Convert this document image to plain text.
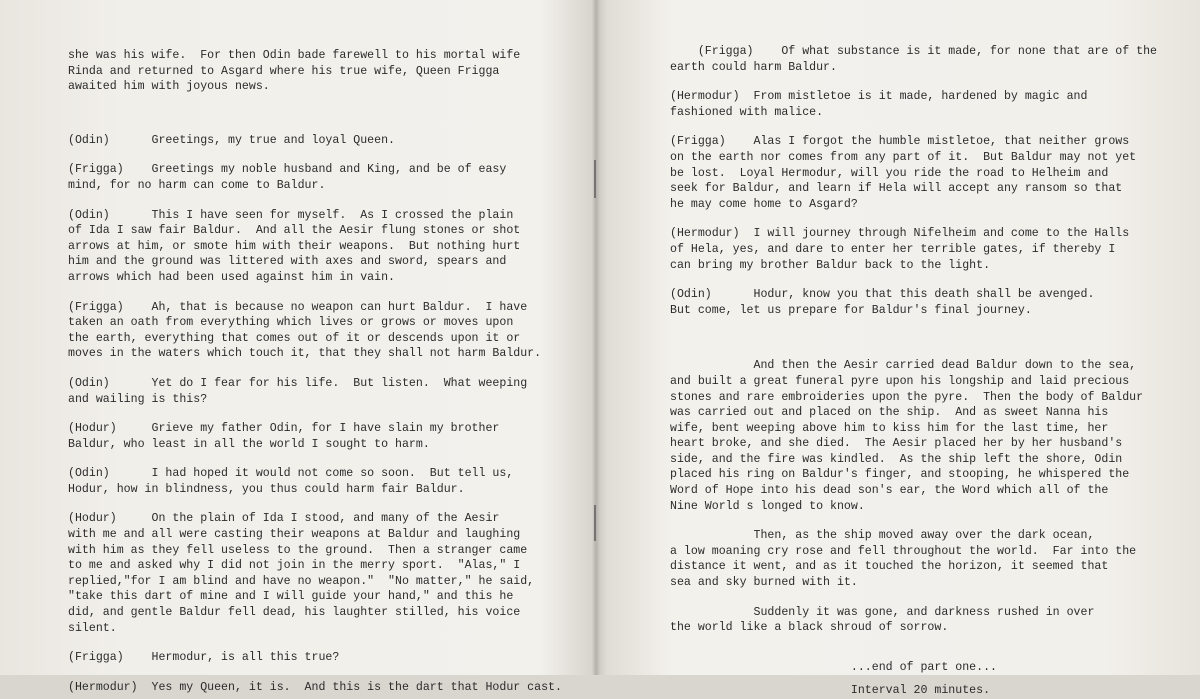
she was his wife.  For then Odin bade farewell to his mortal wife
Rinda and returned to Asgard where his true wife, Queen Frigga
awaited him with joyous news.
(Odin)      Greetings, my true and loyal Queen.
(Frigga)    Greetings my noble husband and King, and be of easy
mind, for no harm can come to Baldur.
(Odin)      This I have seen for myself.  As I crossed the plain
of Ida I saw fair Baldur.  And all the Aesir flung stones or shot
arrows at him, or smote him with their weapons.  But nothing hurt
him and the ground was littered with axes and sword, spears and
arrows which had been used against him in vain.
(Frigga)    Ah, that is because no weapon can hurt Baldur.  I have
taken an oath from everything which lives or grows or moves upon
the earth, everything that comes out of it or descends upon it or
moves in the waters which touch it, that they shall not harm Baldur.
(Odin)      Yet do I fear for his life.  But listen.  What weeping
and wailing is this?
(Hodur)     Grieve my father Odin, for I have slain my brother
Baldur, who least in all the world I sought to harm.
(Odin)      I had hoped it would not come so soon.  But tell us,
Hodur, how in blindness, you thus could harm fair Baldur.
(Hodur)     On the plain of Ida I stood, and many of the Aesir
with me and all were casting their weapons at Baldur and laughing
with him as they fell useless to the ground.  Then a stranger came
to me and asked why I did not join in the merry sport.  "Alas," I
replied,"for I am blind and have no weapon."  "No matter," he said,
"take this dart of mine and I will guide your hand," and this he
did, and gentle Baldur fell dead, his laughter stilled, his voice
silent.
(Frigga)    Hermodur, is all this true?
(Hermodur)  Yes my Queen, it is.  And this is the dart that Hodur cast.
(Frigga)    Of what substance is it made, for none that are of the
earth could harm Baldur.
(Hermodur)  From mistletoe is it made, hardened by magic and
fashioned with malice.
(Frigga)    Alas I forgot the humble mistletoe, that neither grows
on the earth nor comes from any part of it.  But Baldur may not yet
be lost.  Loyal Hermodur, will you ride the road to Helheim and
seek for Baldur, and learn if Hela will accept any ransom so that
he may come home to Asgard?
(Hermodur)  I will journey through Nifelheim and come to the Halls
of Hela, yes, and dare to enter her terrible gates, if thereby I
can bring my brother Baldur back to the light.
(Odin)      Hodur, know you that this death shall be avenged.
But come, let us prepare for Baldur's final journey.
And then the Aesir carried dead Baldur down to the sea,
and built a great funeral pyre upon his longship and laid precious
stones and rare embroideries upon the pyre.  Then the body of Baldur
was carried out and placed on the ship.  And as sweet Nanna his
wife, bent weeping above him to kiss him for the last time, her
heart broke, and she died.  The Aesir placed her by her husband's
side, and the fire was kindled.  As the ship left the shore, Odin
placed his ring on Baldur's finger, and stooping, he whispered the
Word of Hope into his dead son's ear, the Word which all of the
Nine World s longed to know.
Then, as the ship moved away over the dark ocean,
a low moaning cry rose and fell throughout the world.  Far into the
distance it went, and as it touched the horizon, it seemed that
sea and sky burned with it.
Suddenly it was gone, and darkness rushed in over
the world like a black shroud of sorrow.
...end of part one...
Interval 20 minutes.
